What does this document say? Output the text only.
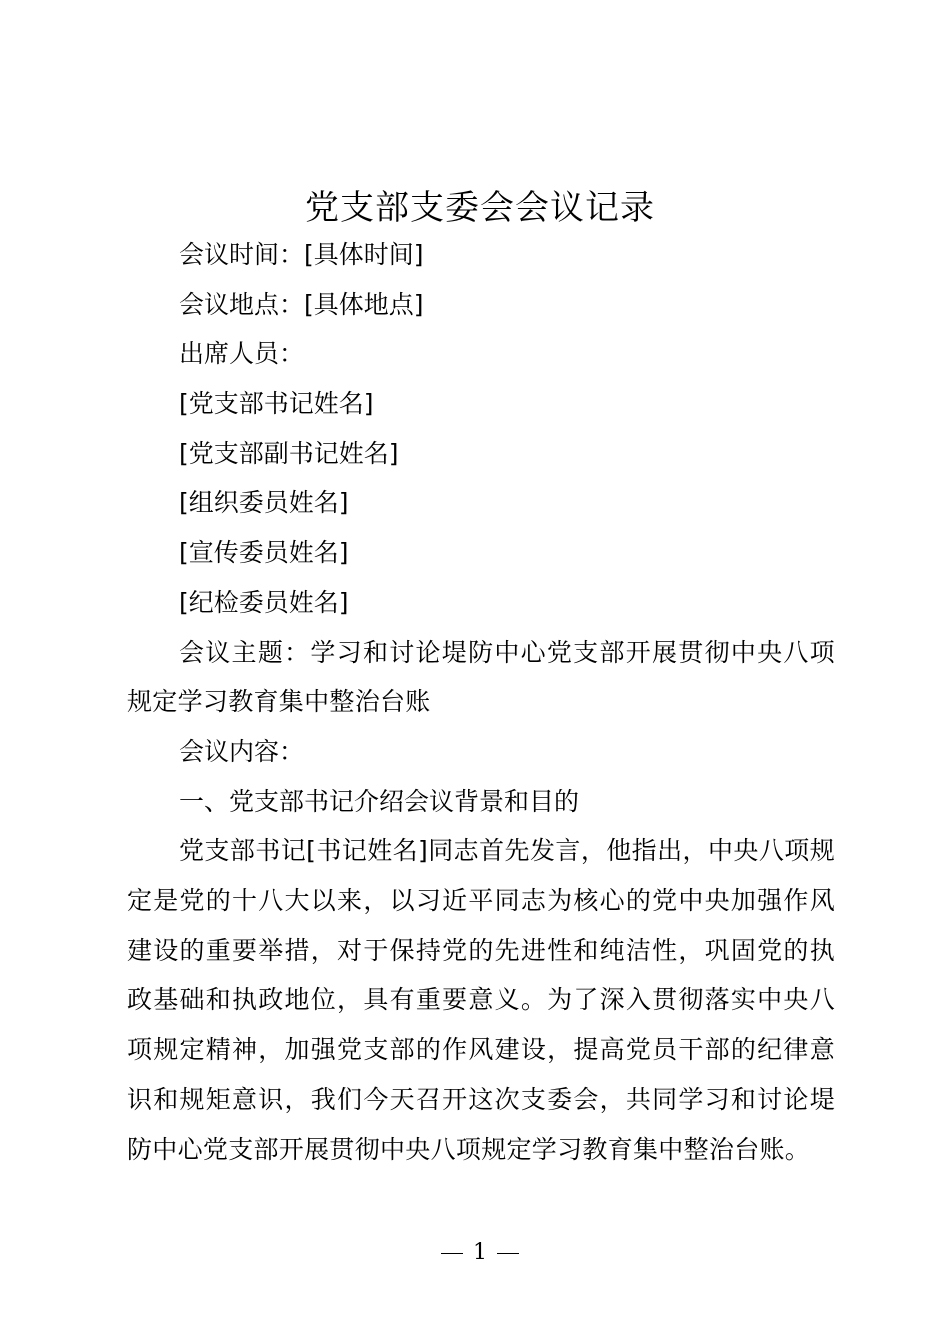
党支部支委会会议记录
会议时间：[具体时间]
会议地点：[具体地点]
出席人员：
[党支部书记姓名]
[党支部副书记姓名]
[组织委员姓名]
[宣传委员姓名]
[纪检委员姓名]

会议主题：学习和讨论堤防中心党支部开展贯彻中央八项规定学习教育集中整治台账

会议内容：
一、党支部书记介绍会议背景和目的

党支部书记[书记姓名]同志首先发言，他指出，中央八项规定是党的十八大以来，以习近平同志为核心的党中央加强作风建设的重要举措，对于保持党的先进性和纯洁性，巩固党的执政基础和执政地位，具有重要意义。为了深入贯彻落实中央八项规定精神，加强党支部的作风建设，提高党员干部的纪律意识和规矩意识，我们今天召开这次支委会，共同学习和讨论堤防中心党支部开展贯彻中央八项规定学习教育集中整治台账。

1
